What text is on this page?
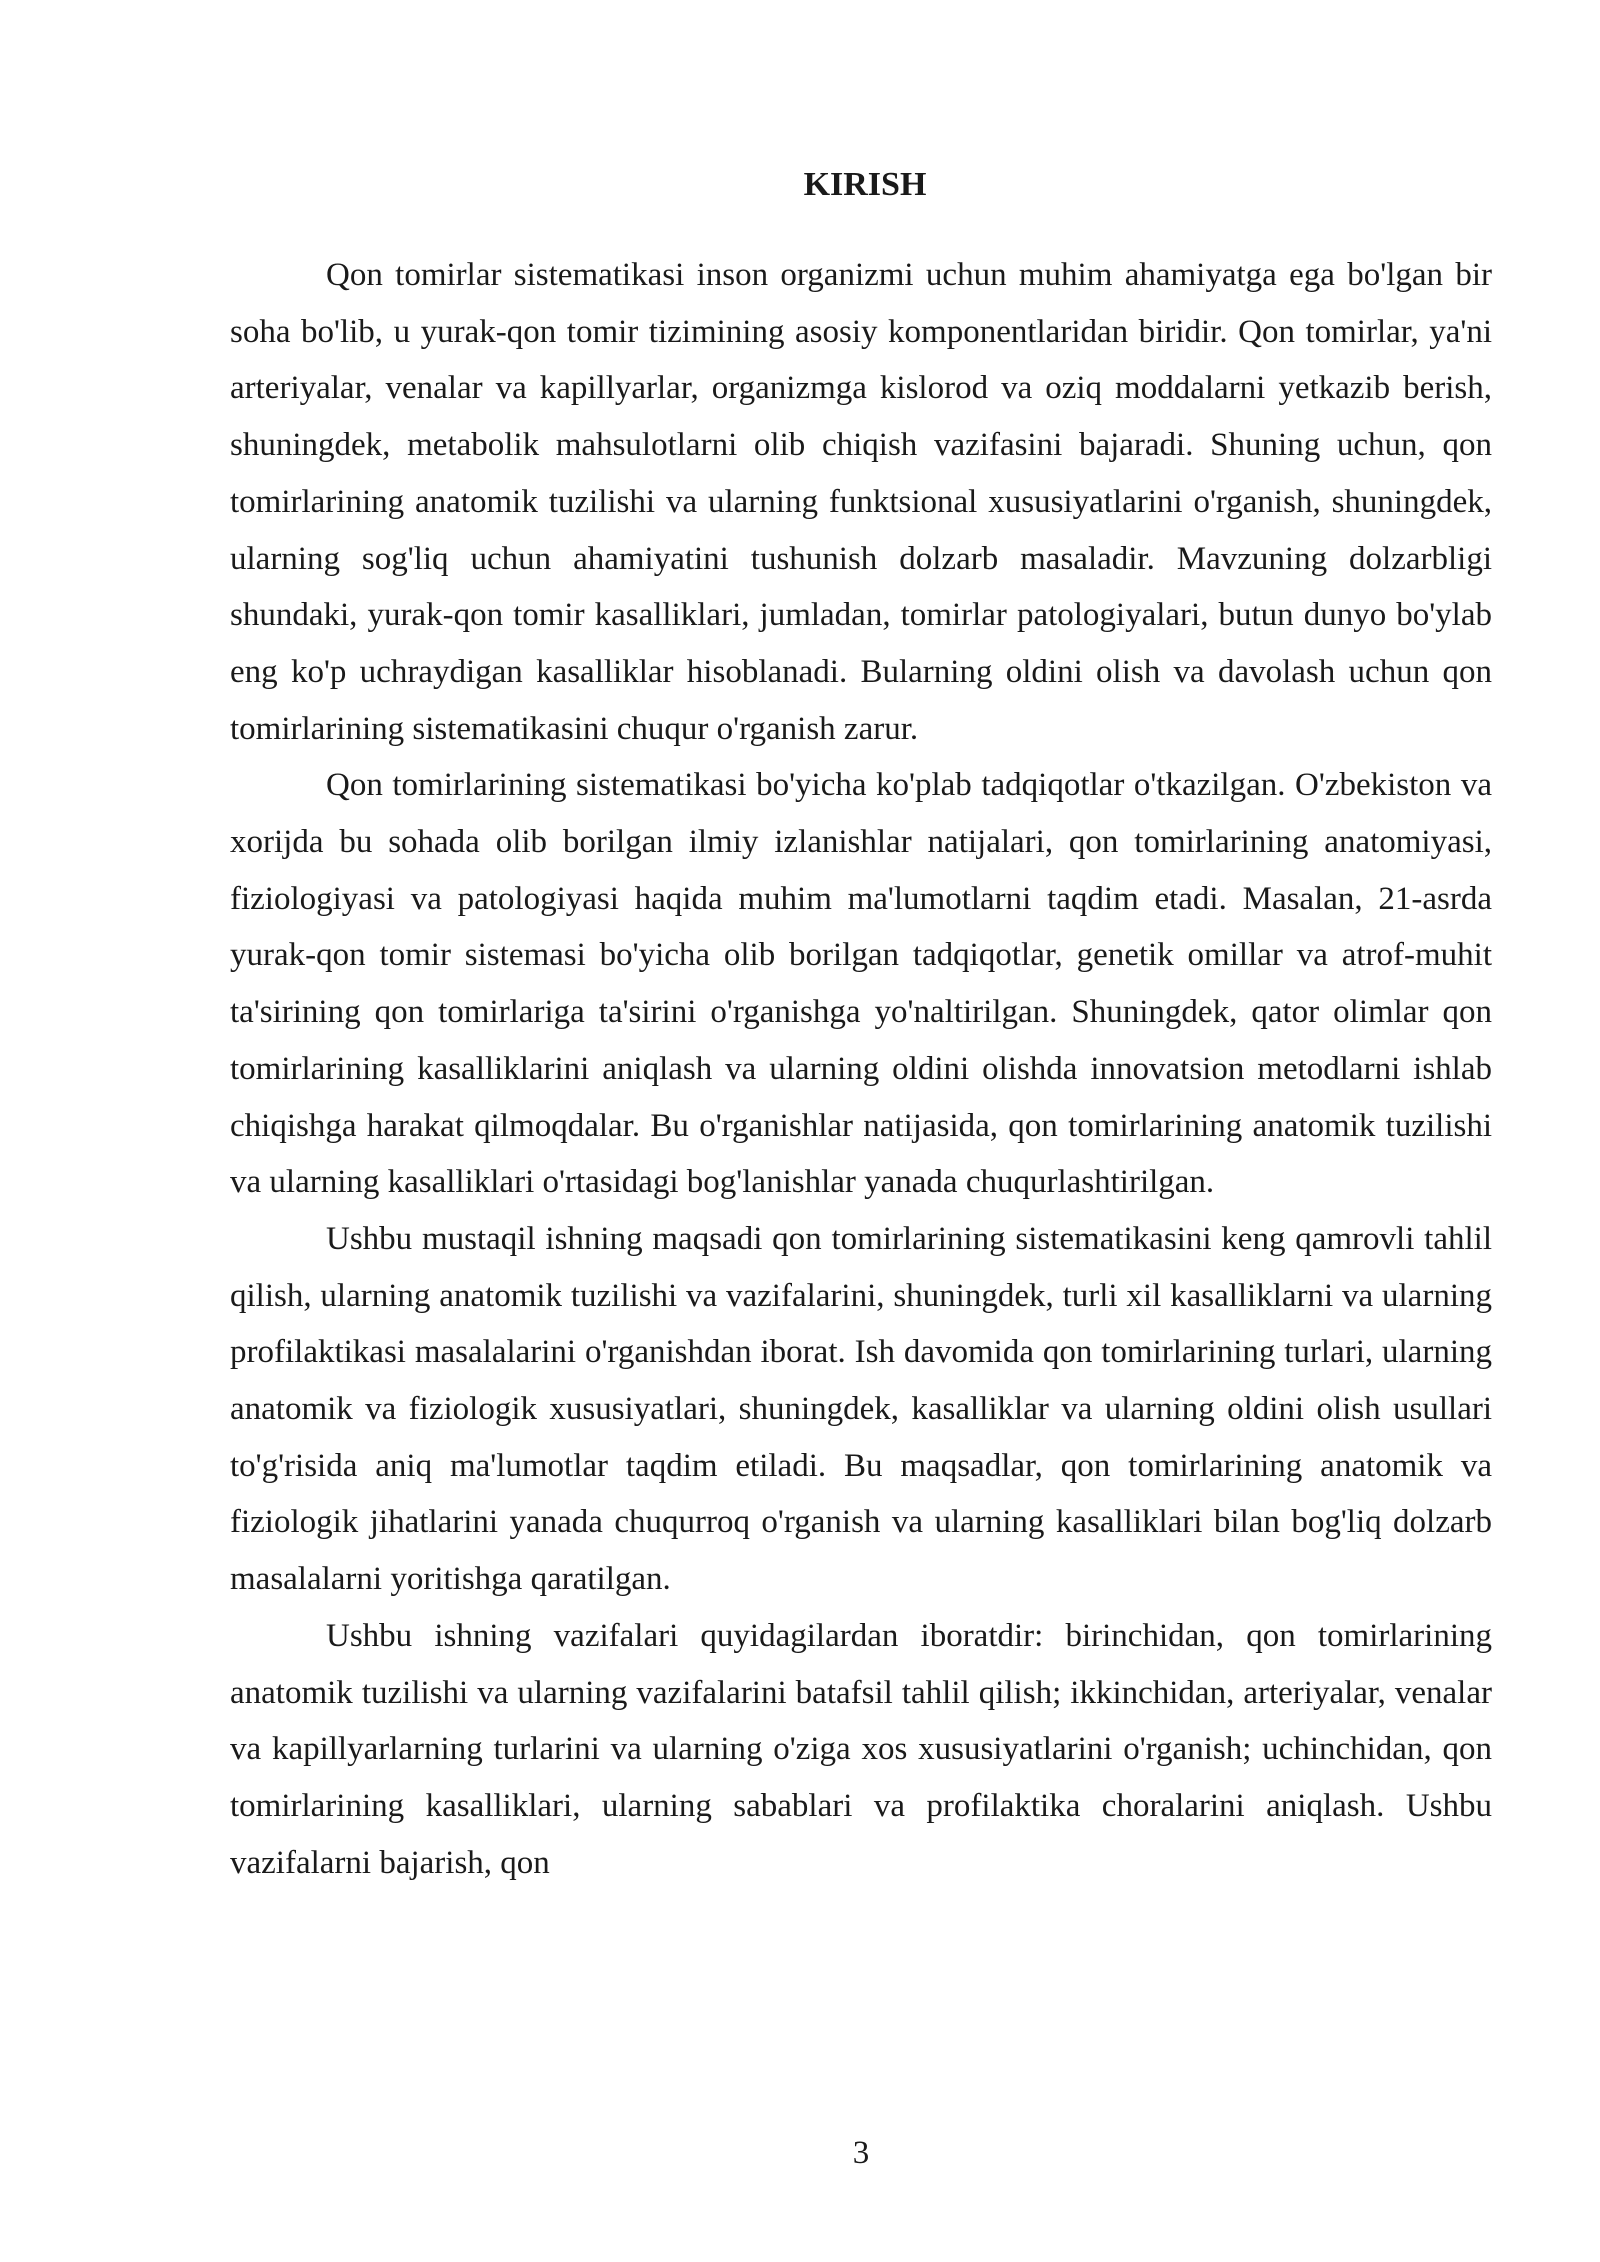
KIRISH

Qon tomirlar sistematikasi inson organizmi uchun muhim ahamiyatga ega bo'lgan bir soha bo'lib, u yurak-qon tomir tizimining asosiy komponentlaridan biridir. Qon tomirlar, ya'ni arteriyalar, venalar va kapillyarlar, organizmga kislorod va oziq moddalarni yetkazib berish, shuningdek, metabolik mahsulotlarni olib chiqish vazifasini bajaradi. Shuning uchun, qon tomirlarining anatomik tuzilishi va ularning funktsional xususiyatlarini o'rganish, shuningdek, ularning sog'liq uchun ahamiyatini tushunish dolzarb masaladir. Mavzuning dolzarbligi shundaki, yurak-qon tomir kasalliklari, jumladan, tomirlar patologiyalari, butun dunyo bo'ylab eng ko'p uchraydigan kasalliklar hisoblanadi. Bularning oldini olish va davolash uchun qon tomirlarining sistematikasini chuqur o'rganish zarur.

Qon tomirlarining sistematikasi bo'yicha ko'plab tadqiqotlar o'tkazilgan. O'zbekiston va xorijda bu sohada olib borilgan ilmiy izlanishlar natijalari, qon tomirlarining anatomiyasi, fiziologiyasi va patologiyasi haqida muhim ma'lumotlarni taqdim etadi. Masalan, 21-asrda yurak-qon tomir sistemasi bo'yicha olib borilgan tadqiqotlar, genetik omillar va atrof-muhit ta'sirining qon tomirlariga ta'sirini o'rganishga yo'naltirilgan. Shuningdek, qator olimlar qon tomirlarining kasalliklarini aniqlash va ularning oldini olishda innovatsion metodlarni ishlab chiqishga harakat qilmoqdalar. Bu o'rganishlar natijasida, qon tomirlarining anatomik tuzilishi va ularning kasalliklari o'rtasidagi bog'lanishlar yanada chuqurlashtirilgan.

Ushbu mustaqil ishning maqsadi qon tomirlarining sistematikasini keng qamrovli tahlil qilish, ularning anatomik tuzilishi va vazifalarini, shuningdek, turli xil kasalliklarni va ularning profilaktikasi masalalarini o'rganishdan iborat. Ish davomida qon tomirlarining turlari, ularning anatomik va fiziologik xususiyatlari, shuningdek, kasalliklar va ularning oldini olish usullari to'g'risida aniq ma'lumotlar taqdim etiladi. Bu maqsadlar, qon tomirlarining anatomik va fiziologik jihatlarini yanada chuqurroq o'rganish va ularning kasalliklari bilan bog'liq dolzarb masalalarni yoritishga qaratilgan.

Ushbu ishning vazifalari quyidagilardan iboratdir: birinchidan, qon tomirlarining anatomik tuzilishi va ularning vazifalarini batafsil tahlil qilish; ikkinchidan, arteriyalar, venalar va kapillyarlarning turlarini va ularning o'ziga xos xususiyatlarini o'rganish; uchinchidan, qon tomirlarining kasalliklari, ularning sabablari va profilaktika choralarini aniqlash. Ushbu vazifalarni bajarish, qon

3
